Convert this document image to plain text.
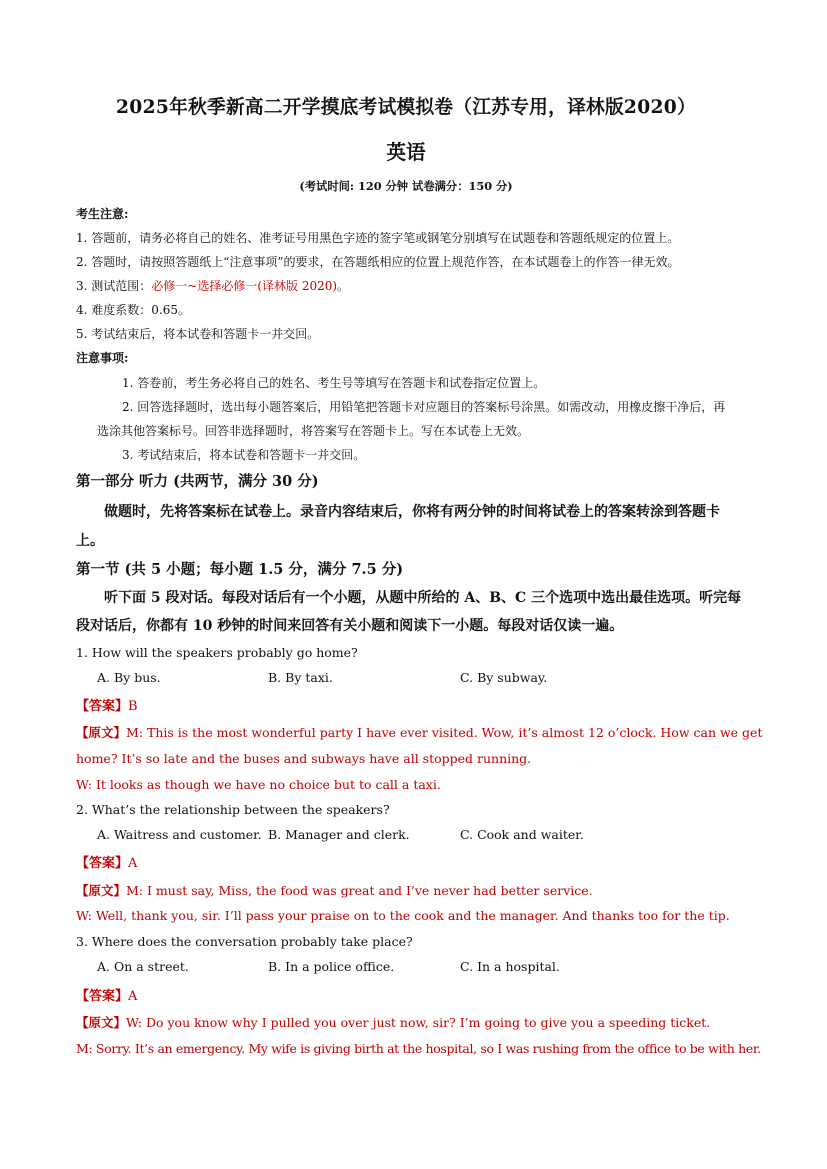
2025年秋季新高二开学摸底考试模拟卷（江苏专用，译林版2020）
英语
(考试时间: 120 分钟 试卷满分：150 分)
考生注意:
1. 答题前，请务必将自己的姓名、准考证号用黑色字迹的签字笔或钢笔分别填写在试题卷和答题纸规定的位置上。
2. 答题时，请按照答题纸上“注意事项”的要求，在答题纸相应的位置上规范作答，在本试题卷上的作答一律无效。
3. 测试范围：必修一~选择必修一(译林版 2020)。
4. 难度系数：0.65。
5. 考试结束后，将本试卷和答题卡一并交回。
注意事项:
1. 答卷前，考生务必将自己的姓名、考生号等填写在答题卡和试卷指定位置上。
2. 回答选择题时，选出每小题答案后，用铅笔把答题卡对应题目的答案标号涂黑。如需改动，用橡皮擦干净后，再
选涂其他答案标号。回答非选择题时，将答案写在答题卡上。写在本试卷上无效。
3. 考试结束后，将本试卷和答题卡一并交回。
第一部分 听力 (共两节，满分 30 分)
做题时，先将答案标在试卷上。录音内容结束后，你将有两分钟的时间将试卷上的答案转涂到答题卡
上。
第一节 (共 5 小题；每小题 1.5 分，满分 7.5 分)
听下面 5 段对话。每段对话后有一个小题，从题中所给的 A、B、C 三个选项中选出最佳选项。听完每
段对话后，你都有 10 秒钟的时间来回答有关小题和阅读下一小题。每段对话仅读一遍。
1. How will the speakers probably go home?
A. By bus.	B. By taxi.	C. By subway.
【答案】B
【原文】M: This is the most wonderful party I have ever visited. Wow, it’s almost 12 o’clock. How can we get
home? It’s so late and the buses and subways have all stopped running.
W: It looks as though we have no choice but to call a taxi.
2. What’s the relationship between the speakers?
A. Waitress and customer. B. Manager and clerk.	C. Cook and waiter.
【答案】A
【原文】M: I must say, Miss, the food was great and I’ve never had better service.
W: Well, thank you, sir. I’ll pass your praise on to the cook and the manager. And thanks too for the tip.
3. Where does the conversation probably take place?
A. On a street.	B. In a police office.	C. In a hospital.
【答案】A
【原文】W: Do you know why I pulled you over just now, sir? I’m going to give you a speeding ticket.
M: Sorry. It’s an emergency. My wife is giving birth at the hospital, so I was rushing from the office to be with her.
